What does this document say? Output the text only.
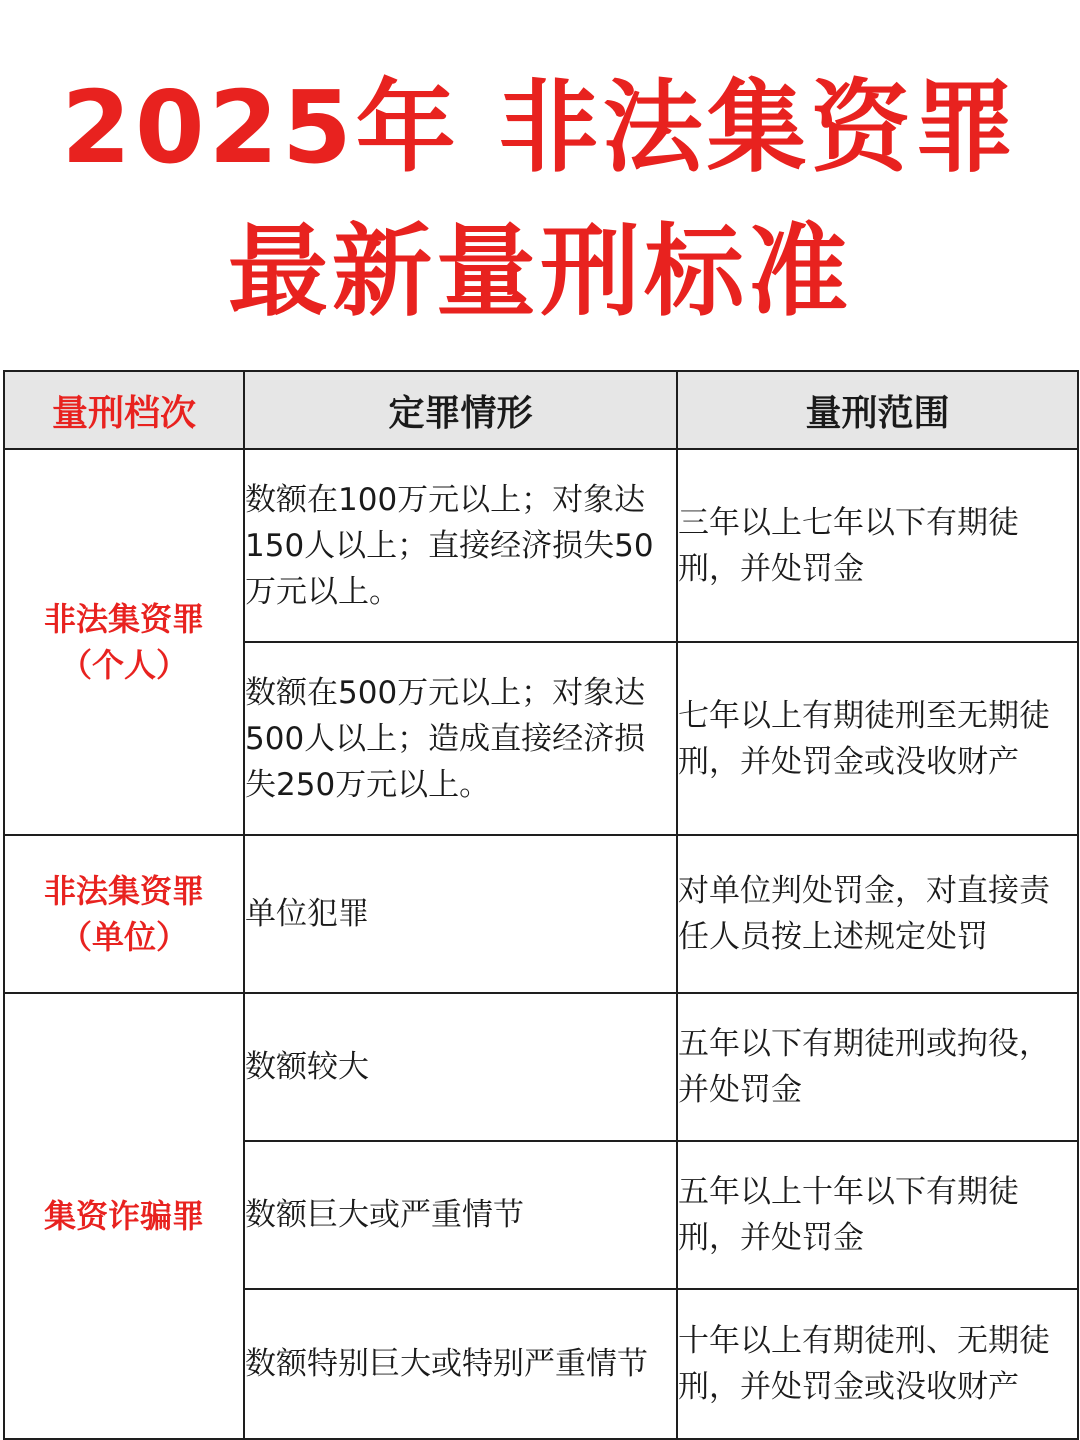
2025年 非法集资罪
最新量刑标准
量刑档次	定罪情形	量刑范围

非法集资罪
（个人）	数额在100万元以上；对象达150人以上；直接经济损失50万元以上。	三年以上七年以下有期徒刑，并处罚金
	数额在500万元以上；对象达500人以上；造成直接经济损失250万元以上。	七年以上有期徒刑至无期徒刑，并处罚金或没收财产

非法集资罪
（单位）	单位犯罪	对单位判处罚金，对直接责任人员按上述规定处罚

集资诈骗罪	数额较大	五年以下有期徒刑或拘役，并处罚金
	数额巨大或严重情节	五年以上十年以下有期徒刑，并处罚金
	数额特别巨大或特别严重情节	十年以上有期徒刑、无期徒刑，并处罚金或没收财产
